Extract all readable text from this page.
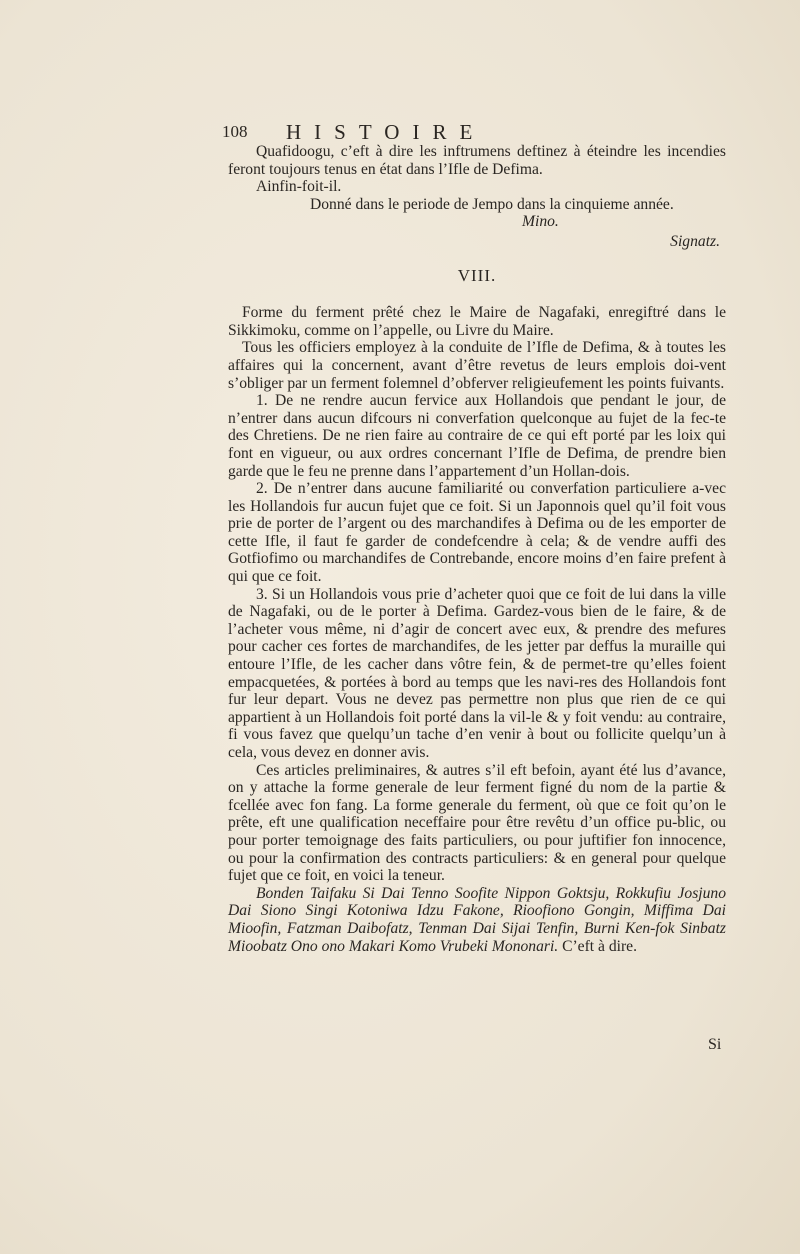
108 HISTOIRE

Quafidoogu, c’eft à dire les inftrumens deftinez à éteindre les incendies feront toujours tenus en état dans l’Ifle de Defima.

Ainfin-foit-il.

Donné dans le periode de Jempo dans la cinquieme année.

Mino.

Signatz.

VIII.

Forme du ferment prêté chez le Maire de Nagafaki, enregiftré dans le Sikkimoku, comme on l’appelle, ou Livre du Maire.

Tous les officiers employez à la conduite de l’Ifle de Defima, & à toutes les affaires qui la concernent, avant d’être revetus de leurs emplois doi-vent s’obliger par un ferment folemnel d’obferver religieufement les points fuivants.

1. De ne rendre aucun fervice aux Hollandois que pendant le jour, de n’entrer dans aucun difcours ni converfation quelconque au fujet de la fec-te des Chretiens. De ne rien faire au contraire de ce qui eft porté par les loix qui font en vigueur, ou aux ordres concernant l’Ifle de Defima, de prendre bien garde que le feu ne prenne dans l’appartement d’un Hollan-dois.

2. De n’entrer dans aucune familiarité ou converfation particuliere a-vec les Hollandois fur aucun fujet que ce foit. Si un Japonnois quel qu’il foit vous prie de porter de l’argent ou des marchandifes à Defima ou de les emporter de cette Ifle, il faut fe garder de condefcendre à cela; & de vendre auffi des Gotfiofimo ou marchandifes de Contrebande, encore moins d’en faire prefent à qui que ce foit.

3. Si un Hollandois vous prie d’acheter quoi que ce foit de lui dans la ville de Nagafaki, ou de le porter à Defima. Gardez-vous bien de le faire, & de l’acheter vous même, ni d’agir de concert avec eux, & prendre des mefures pour cacher ces fortes de marchandifes, de les jetter par deffus la muraille qui entoure l’Ifle, de les cacher dans vôtre fein, & de permet-tre qu’elles foient empacquetées, & portées à bord au temps que les navi-res des Hollandois font fur leur depart. Vous ne devez pas permettre non plus que rien de ce qui appartient à un Hollandois foit porté dans la vil-le & y foit vendu: au contraire, fi vous favez que quelqu’un tache d’en venir à bout ou follicite quelqu’un à cela, vous devez en donner avis.

Ces articles preliminaires, & autres s’il eft befoin, ayant été lus d’avance, on y attache la forme generale de leur ferment figné du nom de la partie & fcellée avec fon fang. La forme generale du ferment, où que ce foit qu’on le prête, eft une qualification neceffaire pour être revêtu d’un office pu-blic, ou pour porter temoignage des faits particuliers, ou pour juftifier fon innocence, ou pour la confirmation des contracts particuliers: & en general pour quelque fujet que ce foit, en voici la teneur.

Bonden Taifaku Si Dai Tenno Soofite Nippon Goktsju, Rokkufiu Josjuno Dai Siono Singi Kotoniwa Idzu Fakone, Rioofiono Gongin, Miffima Dai Mioofin, Fatzman Daibofatz, Tenman Dai Sijai Tenfin, Burni Ken-fok Sinbatz Mioobatz Ono ono Makari Komo Vrubeki Mononari. C’eft à dire.

Si
